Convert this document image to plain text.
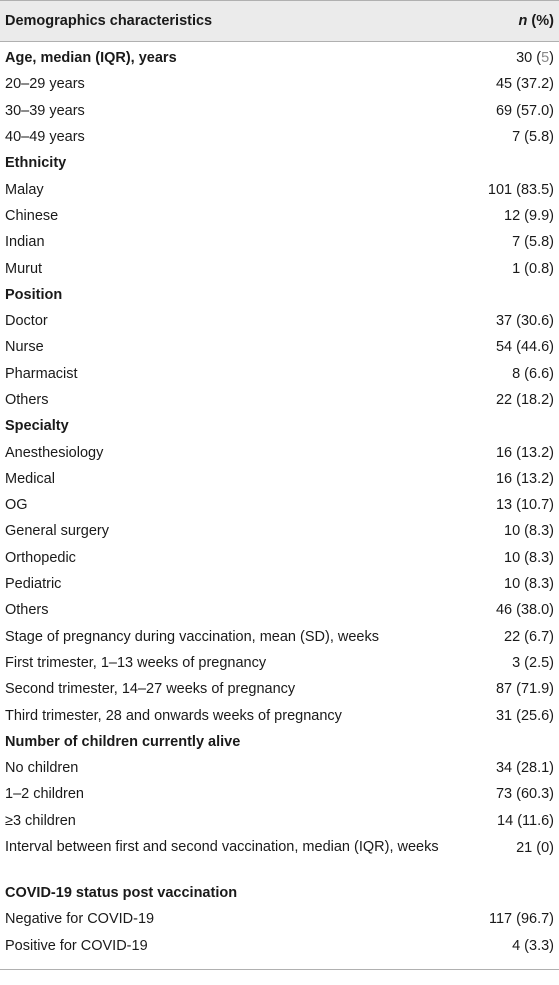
Demographics characteristics	n (%)
Age, median (IQR), years	30 (5)
20–29 years	45 (37.2)
30–39 years	69 (57.0)
40–49 years	7 (5.8)
Ethnicity
Malay	101 (83.5)
Chinese	12 (9.9)
Indian	7 (5.8)
Murut	1 (0.8)
Position
Doctor	37 (30.6)
Nurse	54 (44.6)
Pharmacist	8 (6.6)
Others	22 (18.2)
Specialty
Anesthesiology	16 (13.2)
Medical	16 (13.2)
OG	13 (10.7)
General surgery	10 (8.3)
Orthopedic	10 (8.3)
Pediatric	10 (8.3)
Others	46 (38.0)
Stage of pregnancy during vaccination, mean (SD), weeks	22 (6.7)
First trimester, 1–13 weeks of pregnancy	3 (2.5)
Second trimester, 14–27 weeks of pregnancy	87 (71.9)
Third trimester, 28 and onwards weeks of pregnancy	31 (25.6)
Number of children currently alive
No children	34 (28.1)
1–2 children	73 (60.3)
≥3 children	14 (11.6)
Interval between first and second vaccination, median (IQR), weeks	21 (0)
COVID-19 status post vaccination
Negative for COVID-19	117 (96.7)
Positive for COVID-19	4 (3.3)
